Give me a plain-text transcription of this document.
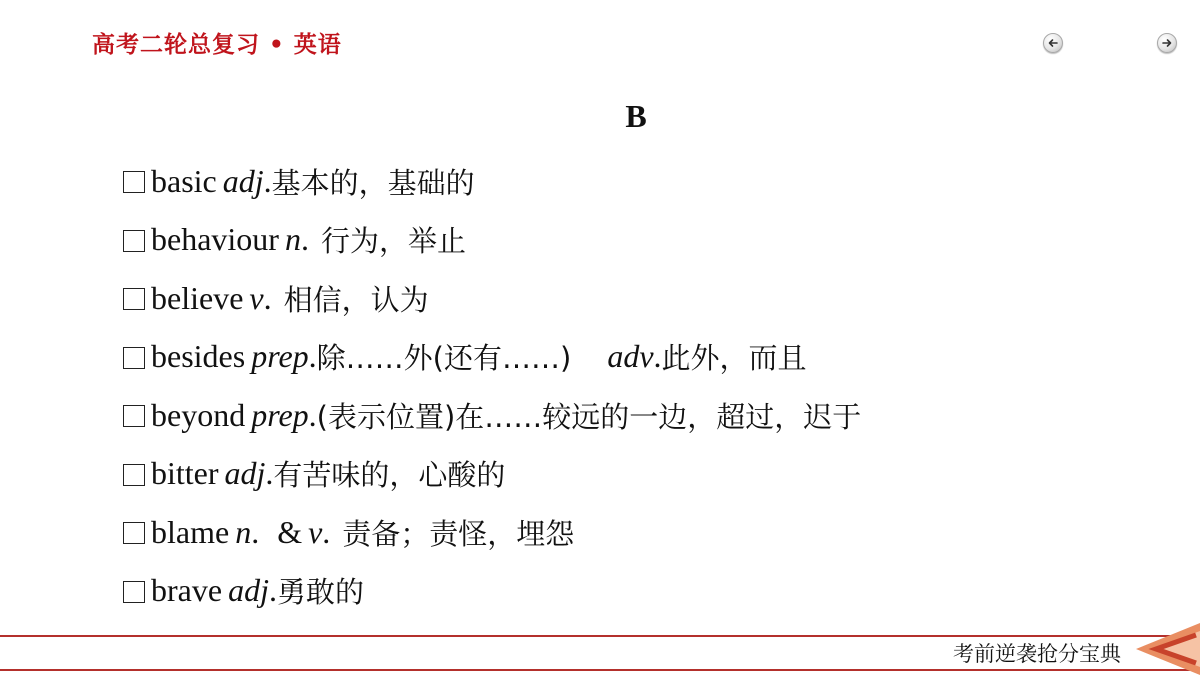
高考二轮总复习 • 英语
B
basic adj . 基本的，基础的
behaviour n . 行为，举止
believe v . 相信，认为
besides prep . 除……外(还有……) adv . 此外，而且
beyond prep . (表示位置)在……较远的一边，超过，迟于
bitter adj . 有苦味的，心酸的
blame n . & v . 责备；责怪，埋怨
brave adj . 勇敢的
考前逆袭抢分宝典
